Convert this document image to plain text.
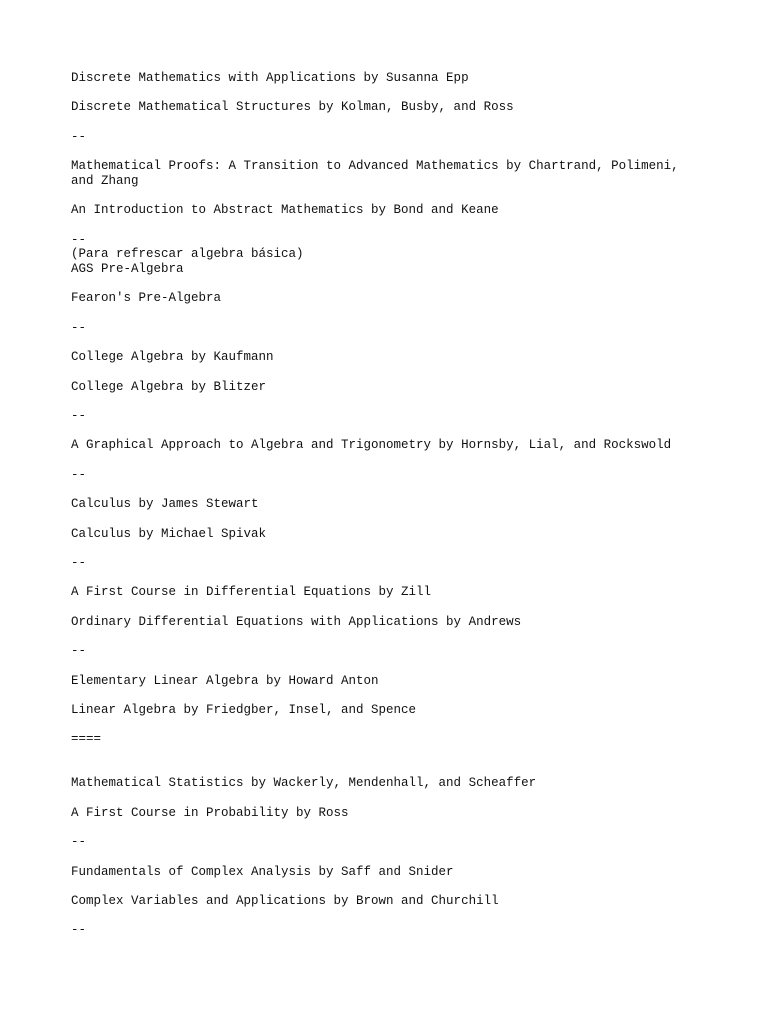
Discrete Mathematics with Applications by Susanna Epp
Discrete Mathematical Structures by Kolman, Busby, and Ross
--
Mathematical Proofs: A Transition to Advanced Mathematics by Chartrand, Polimeni,
and Zhang
An Introduction to Abstract Mathematics by Bond and Keane
--
(Para refrescar algebra básica)
AGS Pre-Algebra
Fearon's Pre-Algebra
--
College Algebra by Kaufmann
College Algebra by Blitzer
--
A Graphical Approach to Algebra and Trigonometry by Hornsby, Lial, and Rockswold
--
Calculus by James Stewart
Calculus by Michael Spivak
--
A First Course in Differential Equations by Zill
Ordinary Differential Equations with Applications by Andrews
--
Elementary Linear Algebra by Howard Anton
Linear Algebra by Friedgber, Insel, and Spence
====
Mathematical Statistics by Wackerly, Mendenhall, and Scheaffer
A First Course in Probability by Ross
--
Fundamentals of Complex Analysis by Saff and Snider
Complex Variables and Applications by Brown and Churchill
--
